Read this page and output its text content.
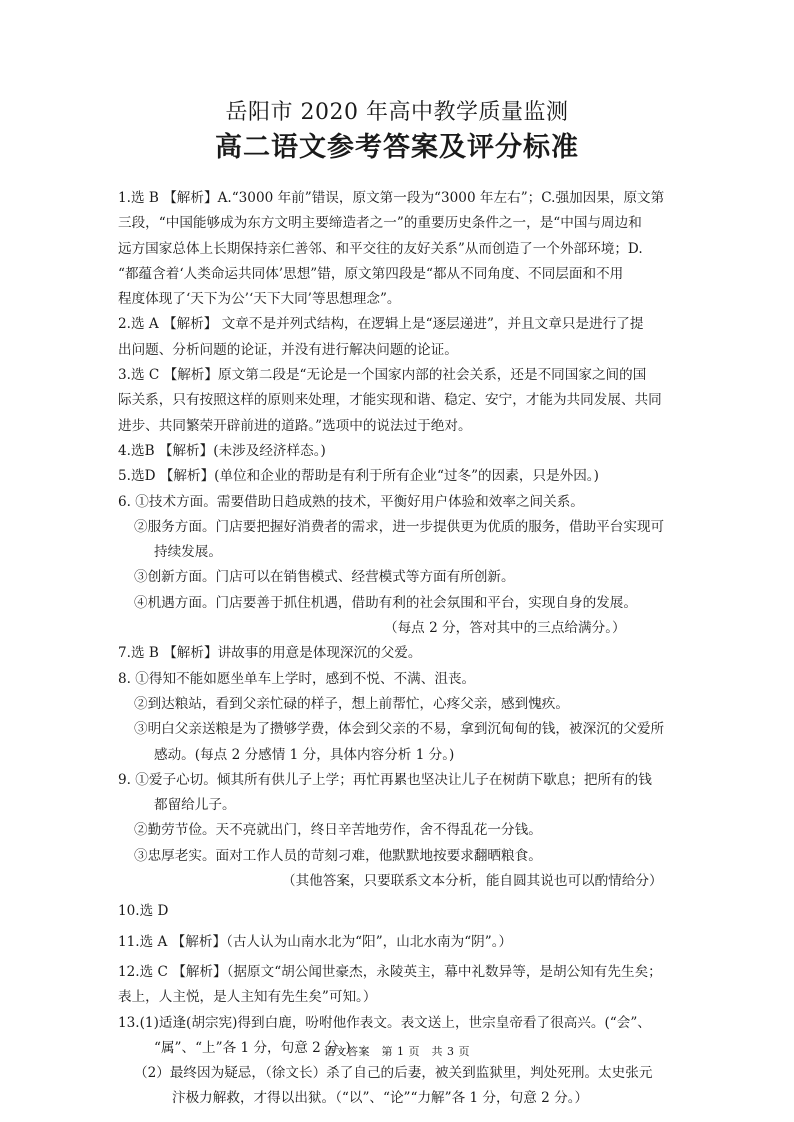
岳阳市 2020 年高中教学质量监测
高二语文参考答案及评分标准

1.选 B 【解析】A.“3000 年前”错误，原文第一段为“3000 年左右”；C.强加因果，原文第

三段，“中国能够成为东方文明主要缔造者之一”的重要历史条件之一，是“中国与周边和

远方国家总体上长期保持亲仁善邻、和平交往的友好关系”从而创造了一个外部环境；D.

“都蕴含着‘人类命运共同体’思想”错，原文第四段是“都从不同角度、不同层面和不用

程度体现了‘天下为公’‘天下大同’等思想理念”。

2.选 A 【解析】 文章不是并列式结构，在逻辑上是“逐层递进”，并且文章只是进行了提

出问题、分析问题的论证，并没有进行解决问题的论证。

3.选 C 【解析】原文第二段是“无论是一个国家内部的社会关系，还是不同国家之间的国

际关系，只有按照这样的原则来处理，才能实现和谐、稳定、安宁，才能为共同发展、共同

进步、共同繁荣开辟前进的道路。”选项中的说法过于绝对。

4.选B 【解析】(未涉及经济样态。)

5.选D 【解析】(单位和企业的帮助是有利于所有企业“过冬”的因素，只是外因。)

6. ①技术方面。需要借助日趋成熟的技术，平衡好用户体验和效率之间关系。

②服务方面。门店要把握好消费者的需求，进一步提供更为优质的服务，借助平台实现可

持续发展。

③创新方面。门店可以在销售模式、经营模式等方面有所创新。

④机遇方面。门店要善于抓住机遇，借助有利的社会氛围和平台，实现自身的发展。

（每点 2 分，答对其中的三点给满分。）

7.选 B 【解析】讲故事的用意是体现深沉的父爱。

8. ①得知不能如愿坐单车上学时，感到不悦、不满、沮丧。

②到达粮站，看到父亲忙碌的样子，想上前帮忙，心疼父亲，感到愧疚。

③明白父亲送粮是为了攒够学费，体会到父亲的不易，拿到沉甸甸的钱，被深沉的父爱所

感动。(每点 2 分感情 1 分，具体内容分析 1 分。)

9. ①爱子心切。倾其所有供儿子上学；再忙再累也坚决让儿子在树荫下歇息；把所有的钱

都留给儿子。

②勤劳节俭。天不亮就出门，终日辛苦地劳作，舍不得乱花一分钱。

③忠厚老实。面对工作人员的苛刻刁难，他默默地按要求翻晒粮食。

（其他答案，只要联系文本分析，能自圆其说也可以酌情给分）

10.选 D

11.选 A 【解析】（古人认为山南水北为“阳”，山北水南为“阴”。）

12.选 C 【解析】（据原文“胡公闻世豪杰，永陵英主，幕中礼数异等，是胡公知有先生矣；

表上，人主悦，是人主知有先生矣”可知。）

13.(1)适逢(胡宗宪)得到白鹿，吩咐他作表文。表文送上，世宗皇帝看了很高兴。(“会”、

“属”、“上”各 1 分，句意 2 分。)

（2）最终因为疑忌，（徐文长）杀了自己的后妻，被关到监狱里，判处死刑。太史张元

汴极力解救，才得以出狱。（“以”、“论”“力解”各 1 分，句意 2 分。）

语文答案　第 1 页　共 3 页
